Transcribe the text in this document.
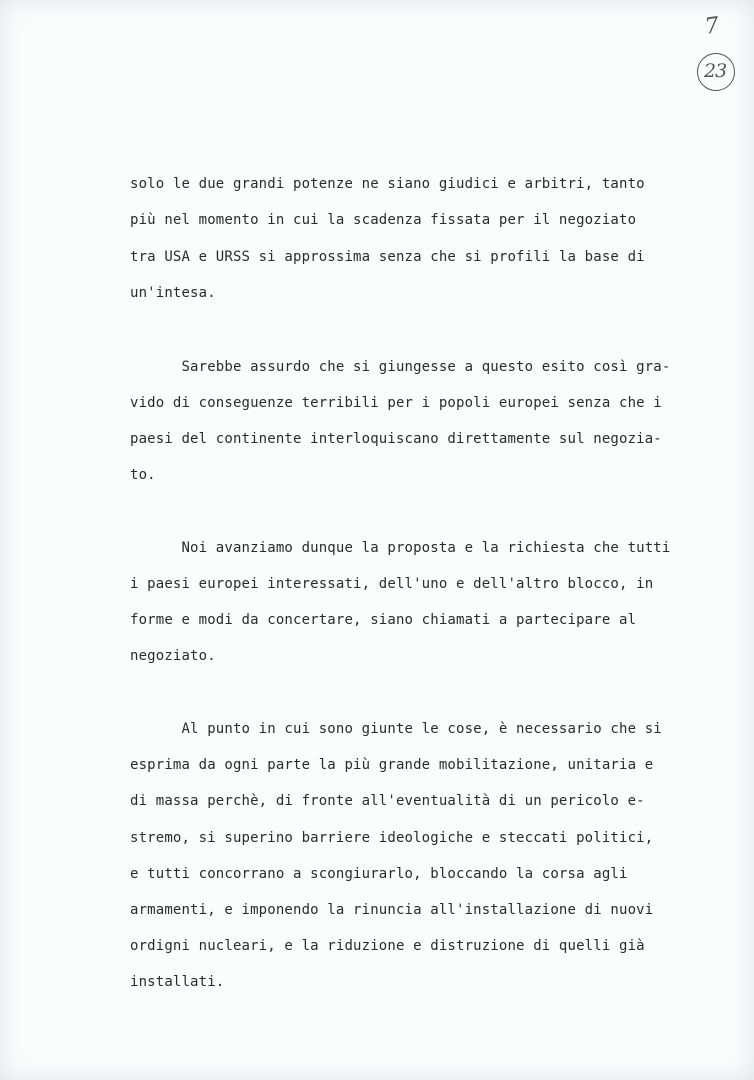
7
23
solo le due grandi potenze ne siano giudici e arbitri, tanto
più nel momento in cui la scadenza fissata per il negoziato
tra USA e URSS si approssima senza che si profili la base di
un'intesa.
Sarebbe assurdo che si giungesse a questo esito così gra-
vido di conseguenze terribili per i popoli europei senza che i
paesi del continente interloquiscano direttamente sul negozia-
to.
Noi avanziamo dunque la proposta e la richiesta che tutti
i paesi europei interessati, dell'uno e dell'altro blocco, in
forme e modi da concertare, siano chiamati a partecipare al
negoziato.
Al punto in cui sono giunte le cose, è necessario che si
esprima da ogni parte la più grande mobilitazione, unitaria e
di massa perchè, di fronte all'eventualità di un pericolo e-
stremo, si superino barriere ideologiche e steccati politici,
e tutti concorrano a scongiurarlo, bloccando la corsa agli
armamenti, e imponendo la rinuncia all'installazione di nuovi
ordigni nucleari, e la riduzione e distruzione di quelli già
installati.
